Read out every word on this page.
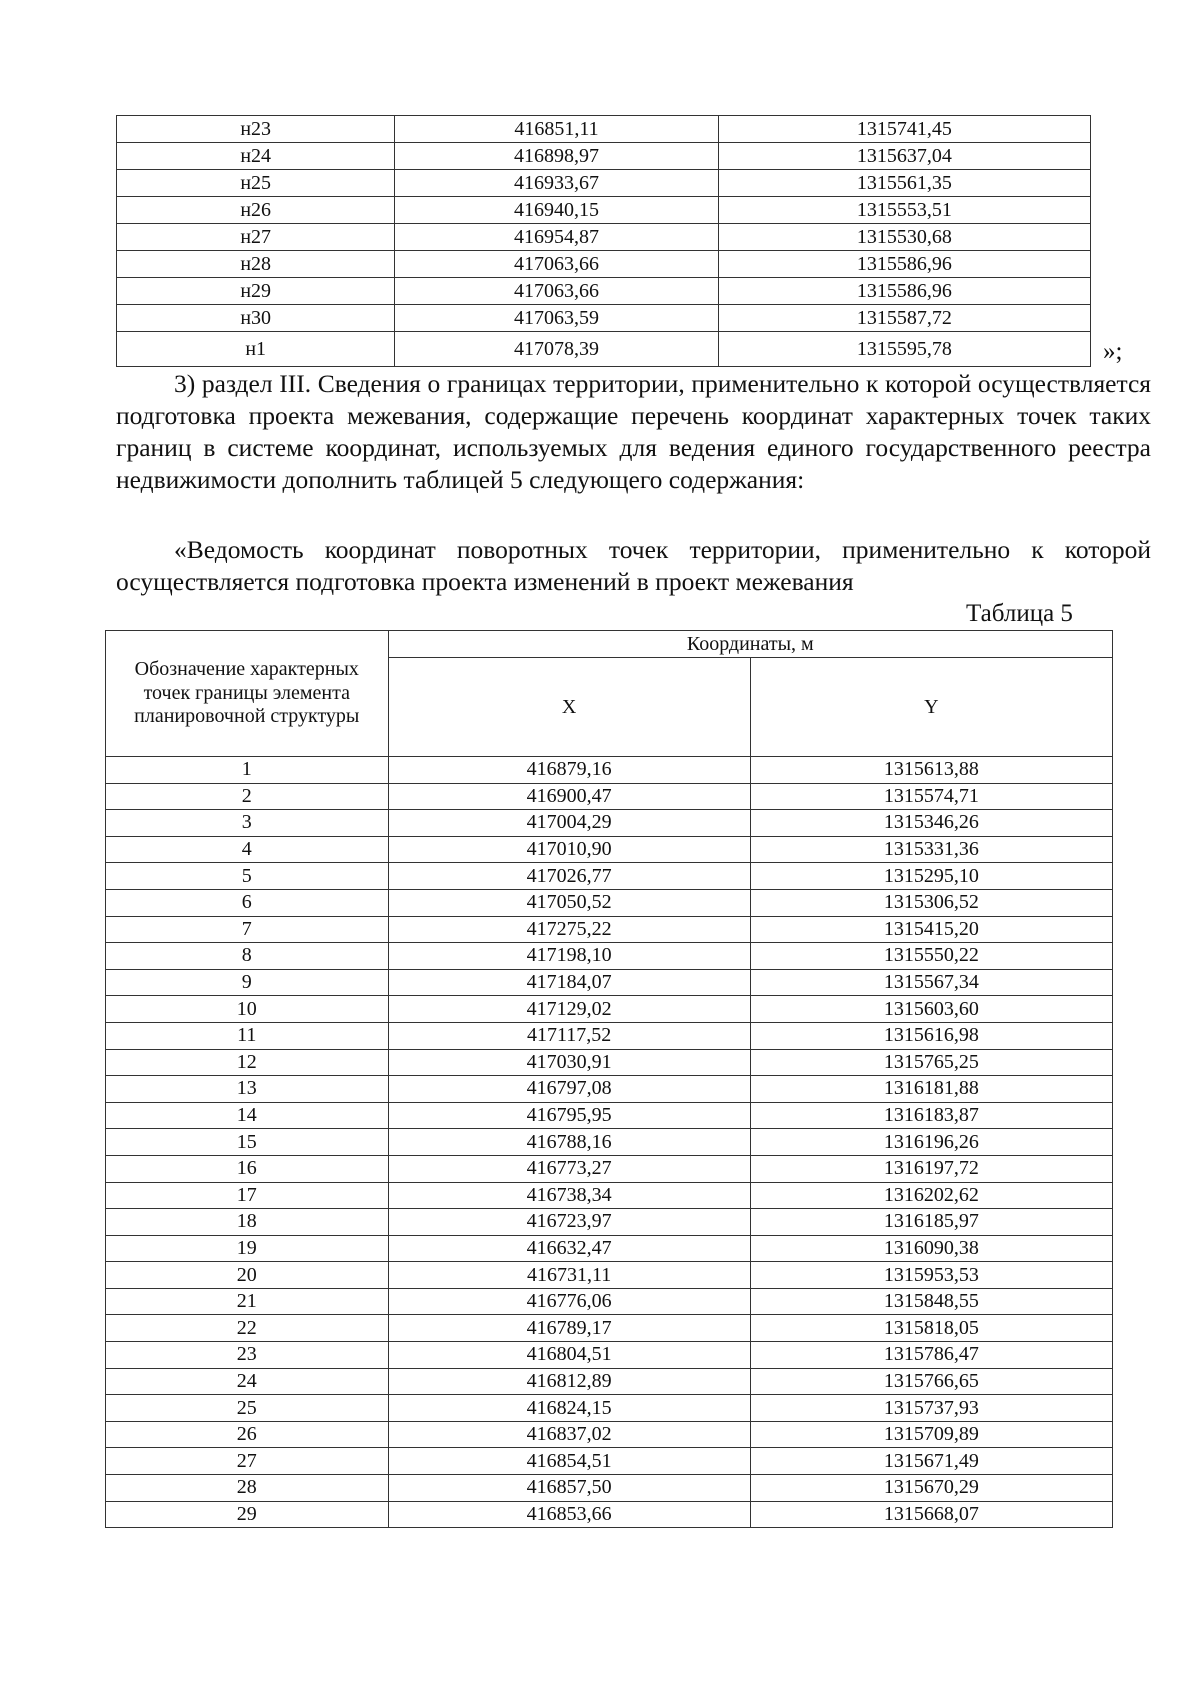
н23	416851,11	1315741,45
н24	416898,97	1315637,04
н25	416933,67	1315561,35
н26	416940,15	1315553,51
н27	416954,87	1315530,68
н28	417063,66	1315586,96
н29	417063,66	1315586,96
н30	417063,59	1315587,72
н1	417078,39	1315595,78	»;
3) раздел III. Сведения о границах территории, применительно к которой осуществляется подготовка проекта межевания, содержащие перечень координат характерных точек таких границ в системе координат, используемых для ведения единого государственного реестра недвижимости дополнить таблицей 5 следующего содержания:
«Ведомость координат поворотных точек территории, применительно к которой осуществляется подготовка проекта изменений в проект межевания
Таблица 5
Обозначение характерных точек границы элемента планировочной структуры	Координаты, м	
	X	Y
1	416879,16	1315613,88
2	416900,47	1315574,71
3	417004,29	1315346,26
4	417010,90	1315331,36
5	417026,77	1315295,10
6	417050,52	1315306,52
7	417275,22	1315415,20
8	417198,10	1315550,22
9	417184,07	1315567,34
10	417129,02	1315603,60
11	417117,52	1315616,98
12	417030,91	1315765,25
13	416797,08	1316181,88
14	416795,95	1316183,87
15	416788,16	1316196,26
16	416773,27	1316197,72
17	416738,34	1316202,62
18	416723,97	1316185,97
19	416632,47	1316090,38
20	416731,11	1315953,53
21	416776,06	1315848,55
22	416789,17	1315818,05
23	416804,51	1315786,47
24	416812,89	1315766,65
25	416824,15	1315737,93
26	416837,02	1315709,89
27	416854,51	1315671,49
28	416857,50	1315670,29
29	416853,66	1315668,07
